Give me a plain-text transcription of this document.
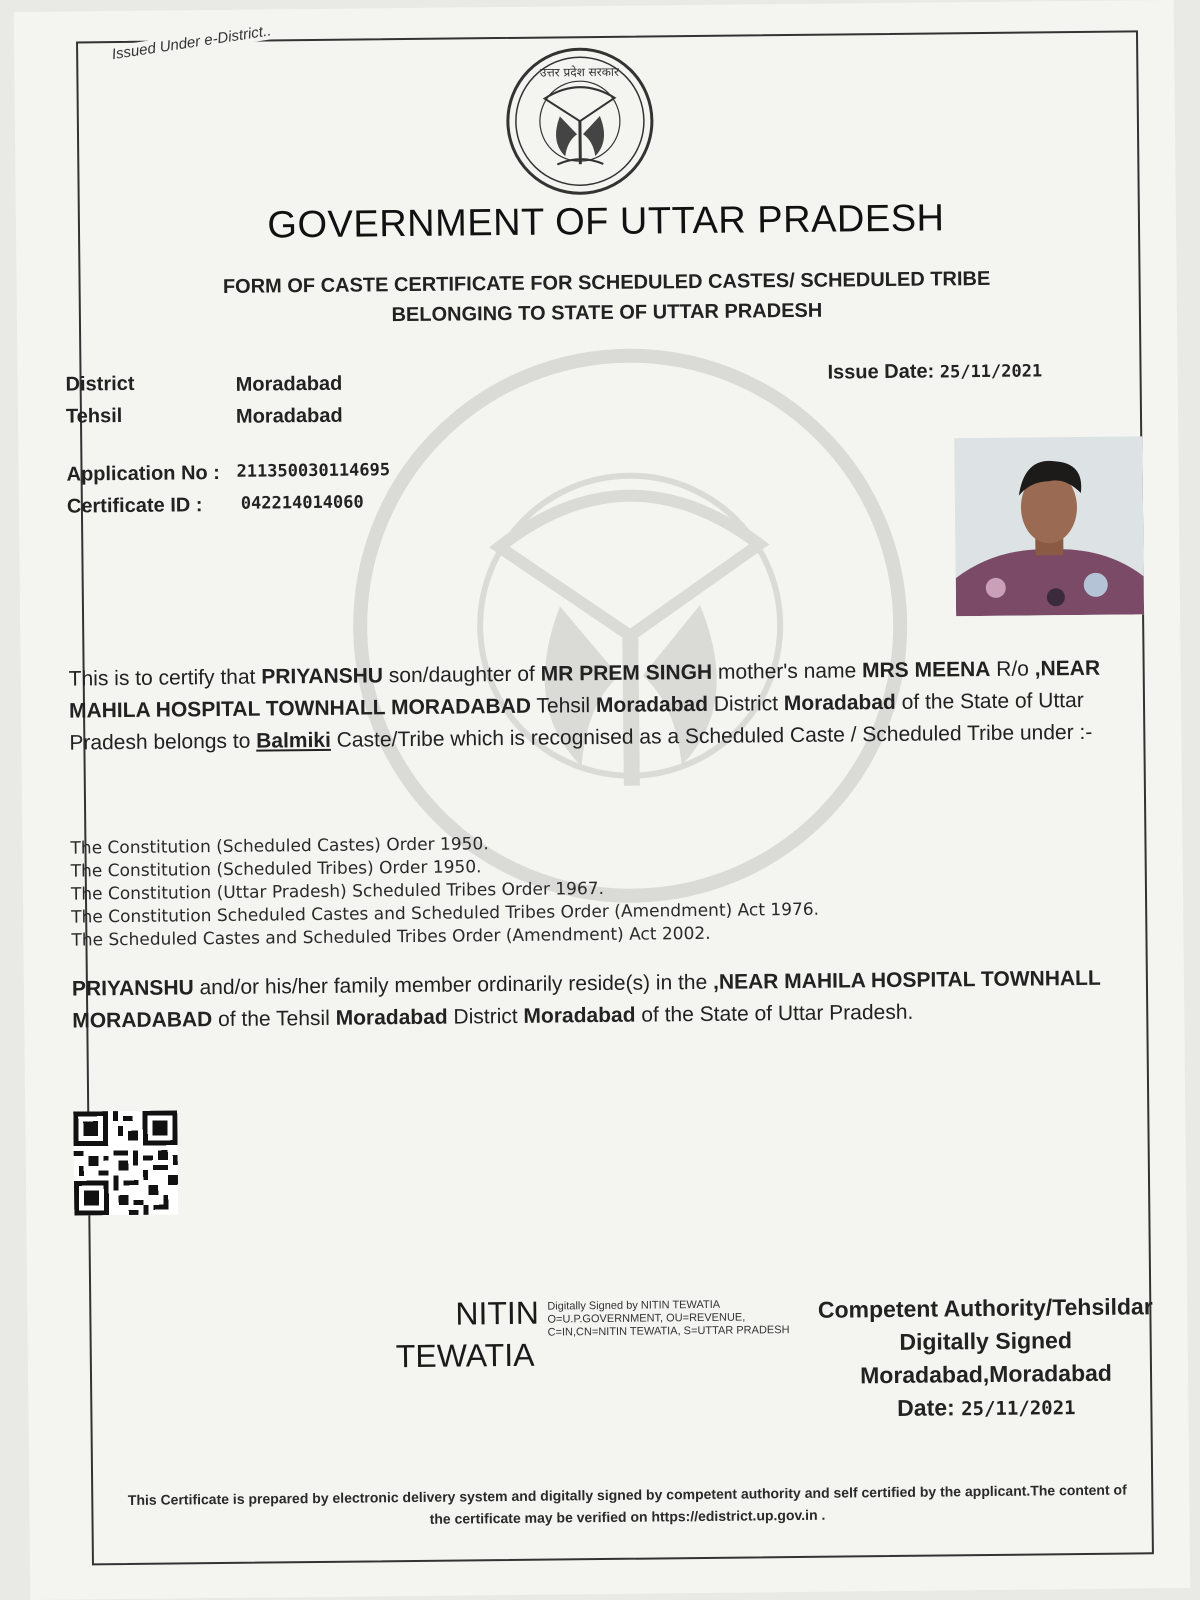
Issued Under e-District..
उत्तर प्रदेश सरकार
GOVERNMENT OF UTTAR PRADESH
FORM OF CASTE CERTIFICATE FOR SCHEDULED CASTES/ SCHEDULED TRIBE
BELONGING TO STATE OF UTTAR PRADESH
District	Moradabad
Tehsil	Moradabad
Issue Date: 25/11/2021
Application No : 211350030114695
Certificate ID : 042214014060
This is to certify that PRIYANSHU son/daughter of MR PREM SINGH mother's name MRS MEENA R/o ,NEAR MAHILA HOSPITAL TOWNHALL MORADABAD Tehsil Moradabad District Moradabad of the State of Uttar Pradesh belongs to Balmiki Caste/Tribe which is recognised as a Scheduled Caste / Scheduled Tribe under :-
The Constitution (Scheduled Castes) Order 1950.
The Constitution (Scheduled Tribes) Order 1950.
The Constitution (Uttar Pradesh) Scheduled Tribes Order 1967.
The Constitution Scheduled Castes and Scheduled Tribes Order (Amendment) Act 1976.
The Scheduled Castes and Scheduled Tribes Order (Amendment) Act 2002.
PRIYANSHU and/or his/her family member ordinarily reside(s) in the ,NEAR MAHILA HOSPITAL TOWNHALL MORADABAD of the Tehsil Moradabad District Moradabad of the State of Uttar Pradesh.
NITIN
TEWATIA
Digitally Signed by NITIN TEWATIA O=U.P.GOVERNMENT, OU=REVENUE, C=IN,CN=NITIN TEWATIA, S=UTTAR PRADESH
Competent Authority/Tehsildar
Digitally Signed
Moradabad,Moradabad
Date: 25/11/2021
This Certificate is prepared by electronic delivery system and digitally signed by competent authority and self certified by the applicant.The content of the certificate may be verified on https://edistrict.up.gov.in .
